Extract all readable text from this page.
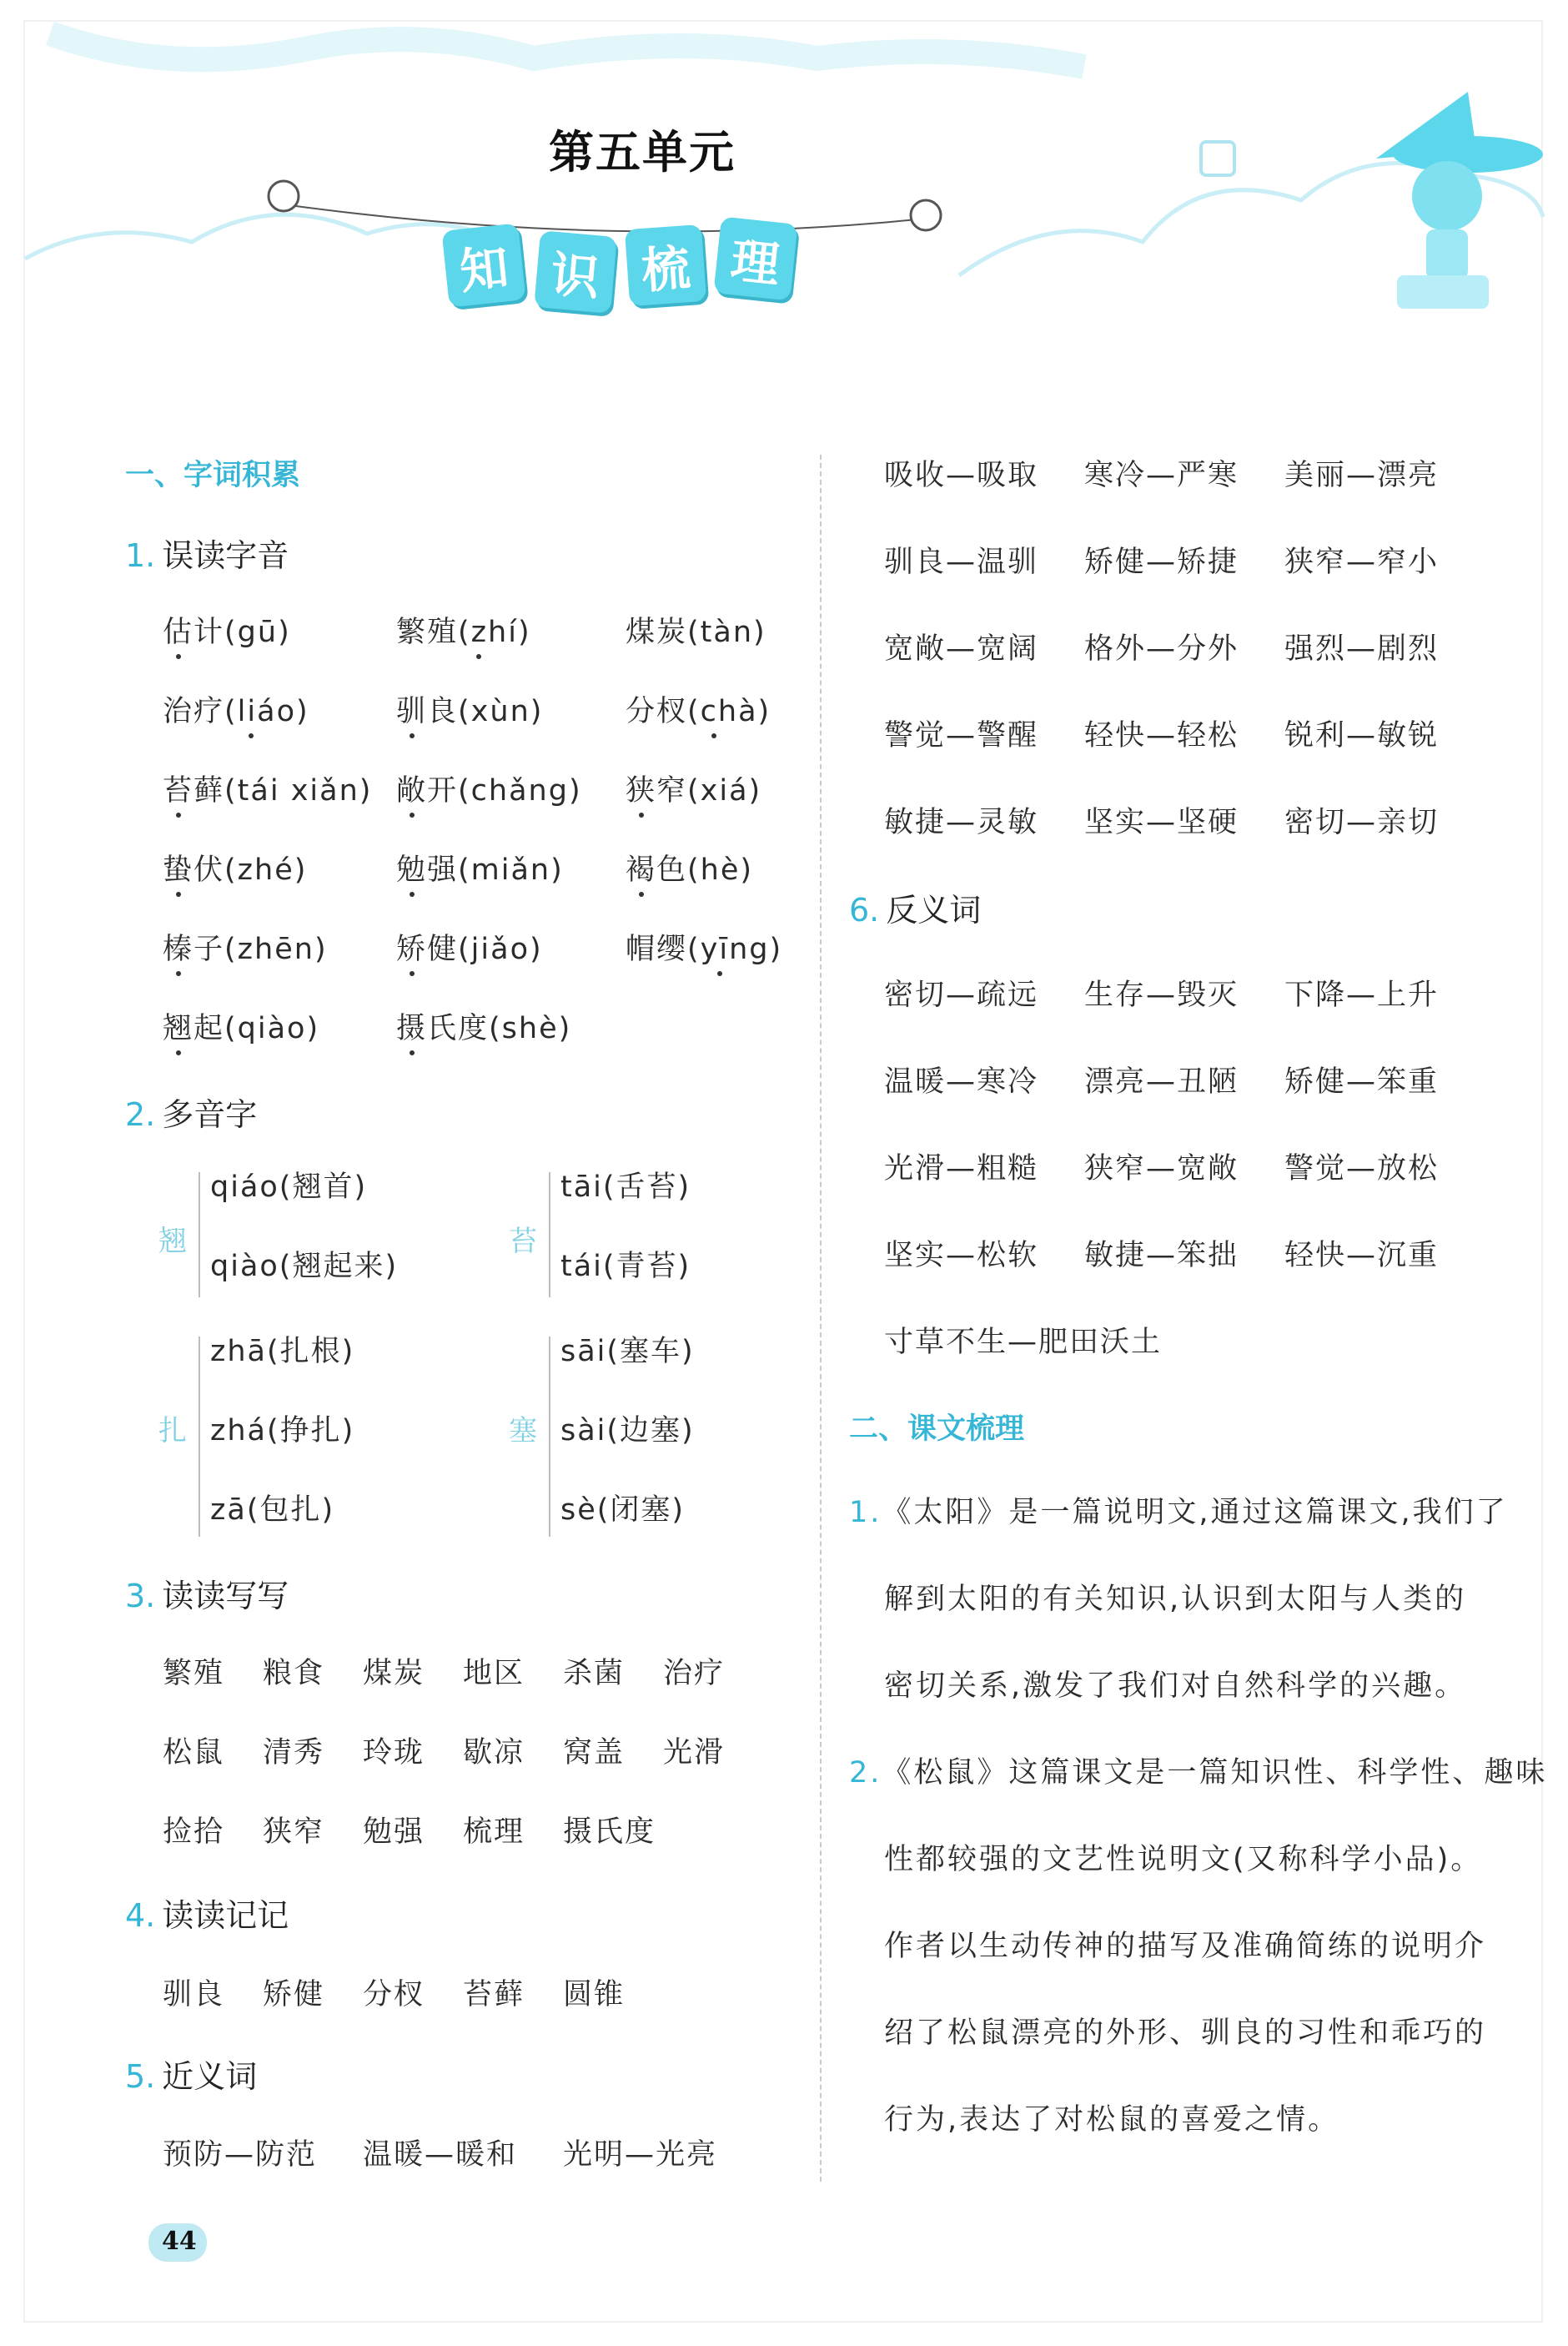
第五单元
知 识 梳 理
一、字词积累
1. 误读字音
估计(gū)	繁殖(zhí)	煤炭(tàn)
治疗(liáo)	驯良(xùn)	分杈(chà)
苔藓(tái xiǎn) 敞开(chǎng) 狭窄(xiá)
蛰伏(zhé)	勉强(miǎn) 褐色(hè)
榛子(zhēn) 矫健(jiǎo)	帽缨(yīng)
翘起(qiào)	摄氏度(shè)
2. 多音字
翘
qiáo(翘首)
qiào(翘起来)
苔
tāi(舌苔)
tái(青苔)
扎
zhā(扎根)
zhá(挣扎)
zā(包扎)
塞
sāi(塞车)
sài(边塞)
sè(闭塞)
3. 读读写写
繁殖 粮食 煤炭 地区 杀菌 治疗
松鼠 清秀 玲珑 歇凉 窝盖 光滑
捡拾 狭窄 勉强 梳理 摄氏度
4. 读读记记
驯良 矫健 分杈 苔藓 圆锥
5. 近义词
预防—防范 温暖—暖和 光明—光亮
吸收—吸取 寒冷—严寒 美丽—漂亮
驯良—温驯 矫健—矫捷 狭窄—窄小
宽敞—宽阔 格外—分外 强烈—剧烈
警觉—警醒 轻快—轻松 锐利—敏锐
敏捷—灵敏 坚实—坚硬 密切—亲切
6. 反义词
密切—疏远 生存—毁灭 下降—上升
温暖—寒冷 漂亮—丑陋 矫健—笨重
光滑—粗糙 狭窄—宽敞 警觉—放松
坚实—松软 敏捷—笨拙 轻快—沉重
寸草不生—肥田沃土
二、课文梳理
1.《太阳》是一篇说明文,通过这篇课文,我们了
解到太阳的有关知识,认识到太阳与人类的
密切关系,激发了我们对自然科学的兴趣。
2.《松鼠》这篇课文是一篇知识性、科学性、趣味
性都较强的文艺性说明文(又称科学小品)。
作者以生动传神的描写及准确简练的说明介
绍了松鼠漂亮的外形、驯良的习性和乖巧的
行为,表达了对松鼠的喜爱之情。
44
